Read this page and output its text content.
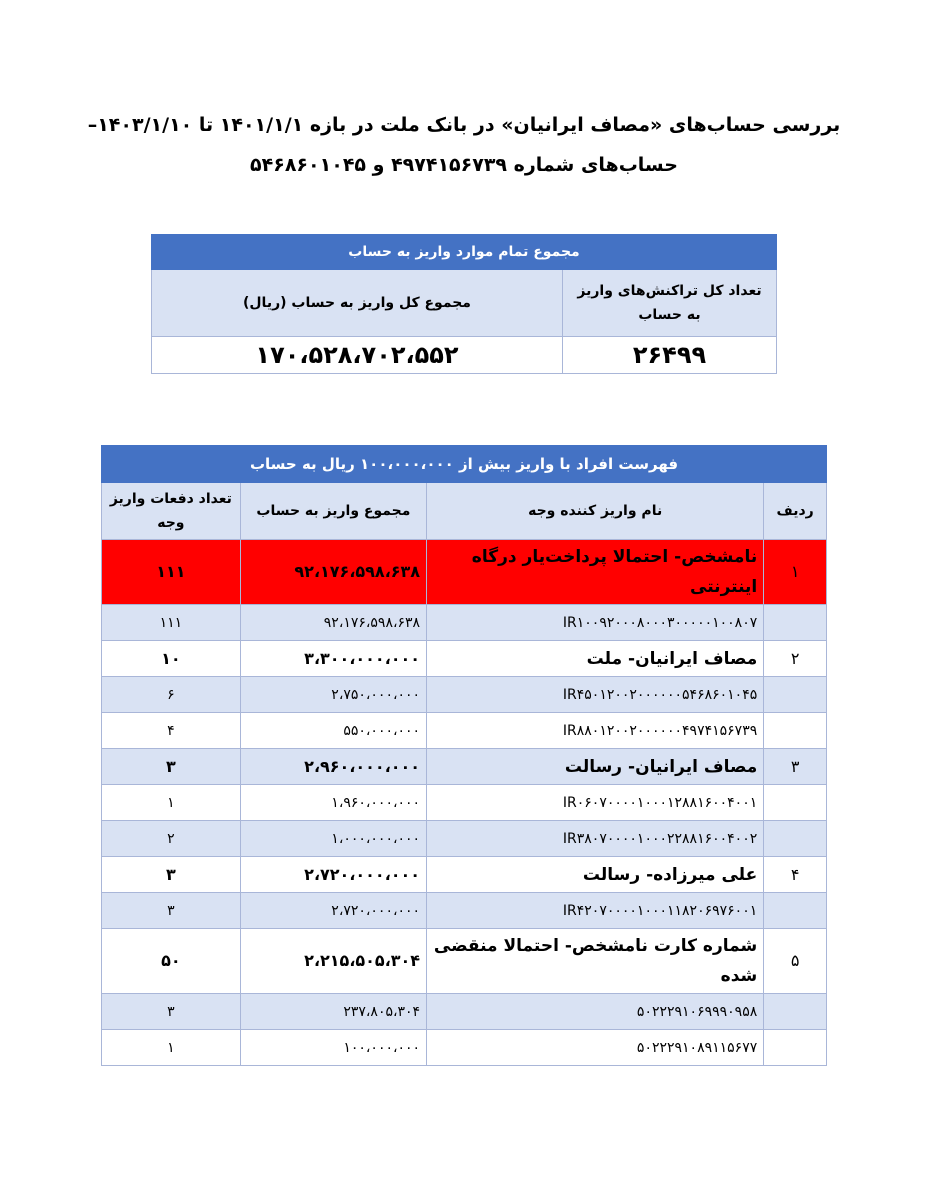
بررسی حساب‌های «مصاف ایرانیان» در بانک ملت در بازه ۱۴۰۱/۱/۱ تا ۱۴۰۳/۱/۱۰–
حساب‌های شماره ۴۹۷۴۱۵۶۷۳۹ و ۵۴۶۸۶۰۱۰۴۵
مجموع تمام موارد واریز به حساب	
تعداد کل تراکنش‌های واریز به حساب	مجموع کل واریز به حساب (ریال)
۲۶۴۹۹	۱۷۰،۵۲۸،۷۰۲،۵۵۲
فهرست افراد با واریز بیش از ۱۰۰،۰۰۰،۰۰۰ ریال به حساب			
ردیف	نام واریز کننده وجه	مجموع واریز به حساب	تعداد دفعات واریز وجه
۱	نامشخص- احتمالا پرداخت‌یار درگاه اینترنتی	۹۲،۱۷۶،۵۹۸،۶۳۸	۱۱۱
	IR۱۰۰۹۲۰۰۰۸۰۰۰۳۰۰۰۰۰۱۰۰۸۰۷	۹۲،۱۷۶،۵۹۸،۶۳۸	۱۱۱
۲	مصاف ایرانیان- ملت	۳،۳۰۰،۰۰۰،۰۰۰	۱۰
	IR۴۵۰۱۲۰۰۲۰۰۰۰۰۰۵۴۶۸۶۰۱۰۴۵	۲،۷۵۰،۰۰۰،۰۰۰	۶
	IR۸۸۰۱۲۰۰۲۰۰۰۰۰۰۴۹۷۴۱۵۶۷۳۹	۵۵۰،۰۰۰،۰۰۰	۴
۳	مصاف ایرانیان- رسالت	۲،۹۶۰،۰۰۰،۰۰۰	۳
	IR۰۶۰۷۰۰۰۰۱۰۰۰۱۲۸۸۱۶۰۰۴۰۰۱	۱،۹۶۰،۰۰۰،۰۰۰	۱
	IR۳۸۰۷۰۰۰۰۱۰۰۰۲۲۸۸۱۶۰۰۴۰۰۲	۱،۰۰۰،۰۰۰،۰۰۰	۲
۴	علی میرزاده- رسالت	۲،۷۲۰،۰۰۰،۰۰۰	۳
	IR۴۲۰۷۰۰۰۰۱۰۰۰۱۱۸۲۰۶۹۷۶۰۰۱	۲،۷۲۰،۰۰۰،۰۰۰	۳
۵	شماره کارت نامشخص- احتمالا منقضی شده	۲،۲۱۵،۵۰۵،۳۰۴	۵۰
	۵۰۲۲۲۹۱۰۶۹۹۹۰۹۵۸	۲۳۷،۸۰۵،۳۰۴	۳
	۵۰۲۲۲۹۱۰۸۹۱۱۵۶۷۷	۱۰۰،۰۰۰،۰۰۰	۱
